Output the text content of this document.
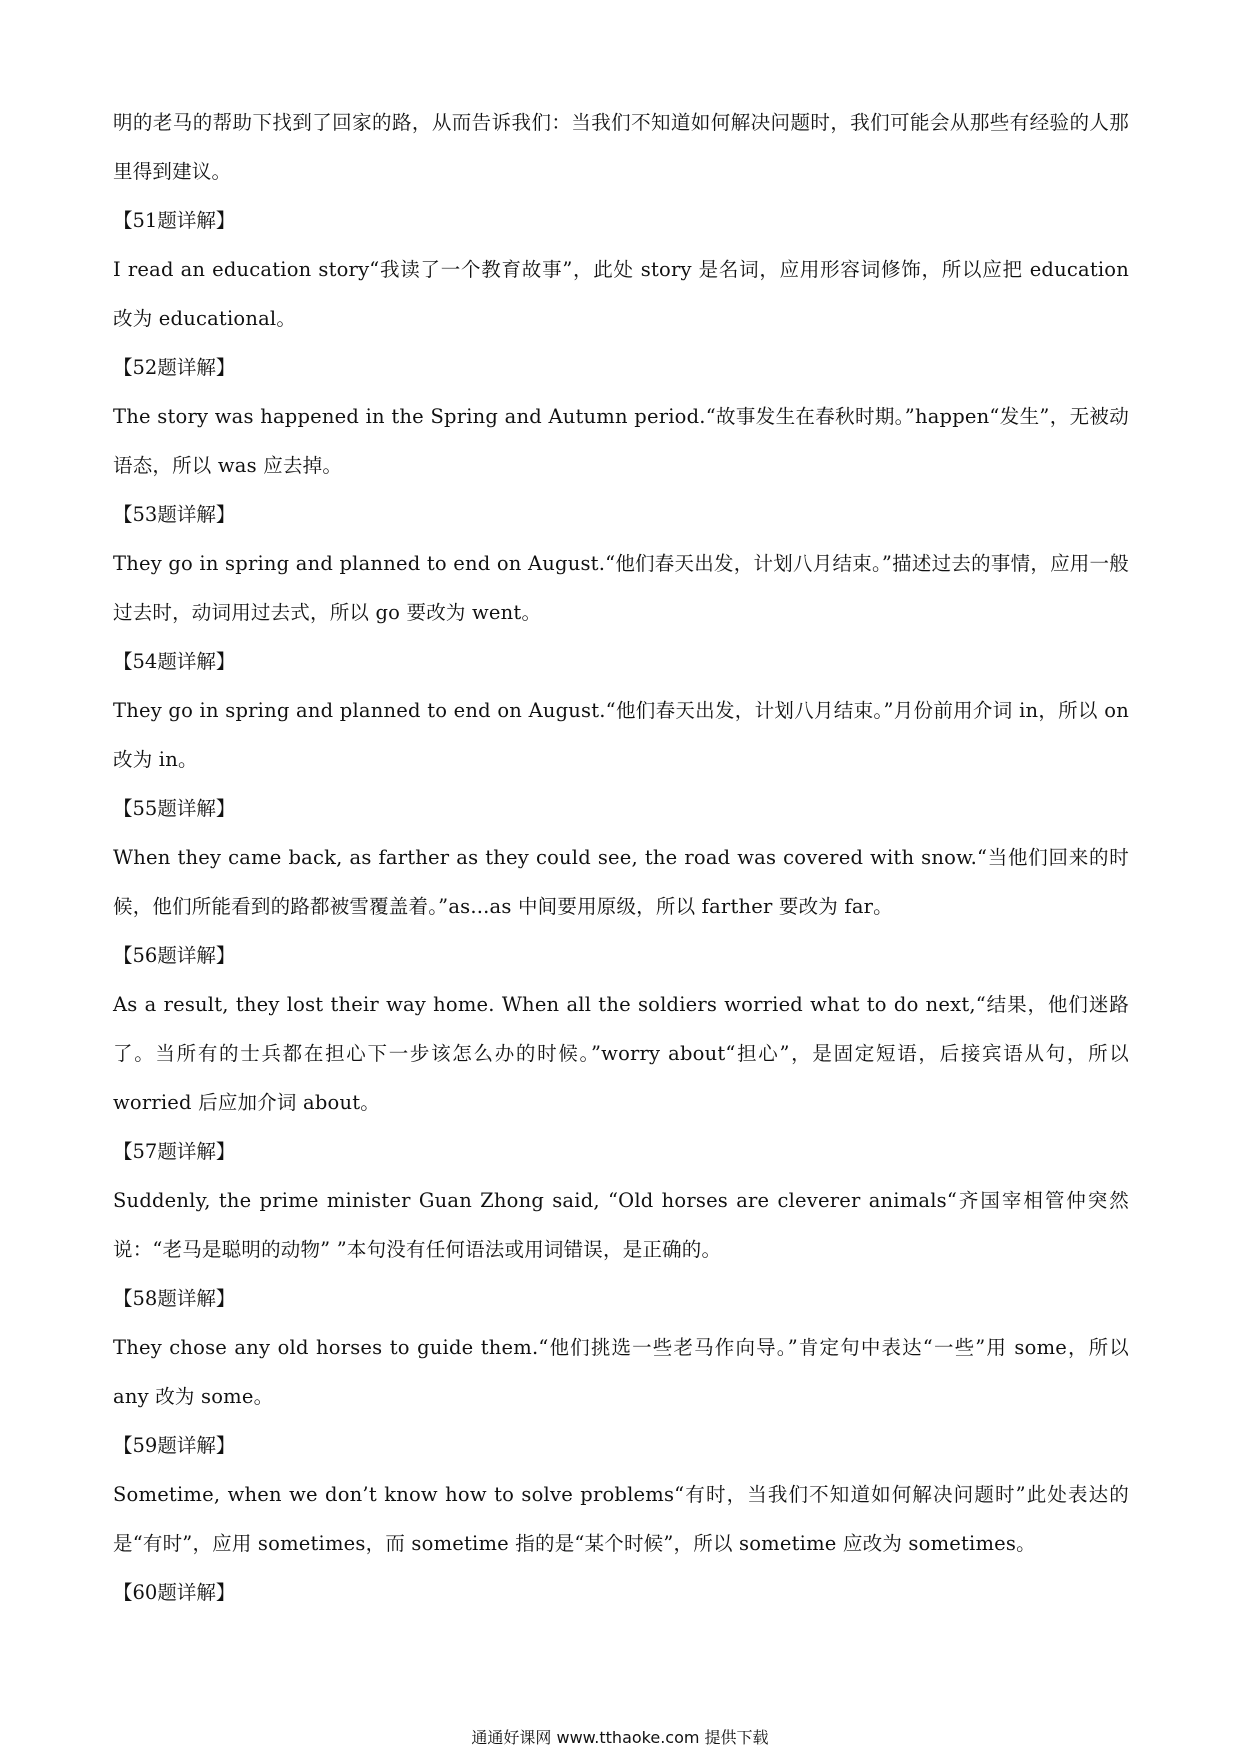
明的老马的帮助下找到了回家的路，从而告诉我们：当我们不知道如何解决问题时，我们可能会从那些有经验的人那里得到建议。

【51题详解】

I read an education story“我读了一个教育故事”，此处 story 是名词，应用形容词修饰，所以应把 education 改为 educational。

【52题详解】

The story was happened in the Spring and Autumn period.“故事发生在春秋时期。”happen“发生”，无被动语态，所以 was 应去掉。

【53题详解】

They go in spring and planned to end on August.“他们春天出发，计划八月结束。”描述过去的事情，应用一般过去时，动词用过去式，所以 go 要改为 went。

【54题详解】

They go in spring and planned to end on August.“他们春天出发，计划八月结束。”月份前用介词 in，所以 on 改为 in。

【55题详解】

When they came back, as farther as they could see, the road was covered with snow.“当他们回来的时候，他们所能看到的路都被雪覆盖着。”as...as 中间要用原级，所以 farther 要改为 far。

【56题详解】

As a result, they lost their way home. When all the soldiers worried what to do next,“结果，他们迷路了。当所有的士兵都在担心下一步该怎么办的时候。”worry about“担心”，是固定短语，后接宾语从句，所以 worried 后应加介词 about。

【57题详解】

Suddenly, the prime minister Guan Zhong said, “Old horses are cleverer animals“齐国宰相管仲突然说：“老马是聪明的动物” ”本句没有任何语法或用词错误，是正确的。

【58题详解】

They chose any old horses to guide them.“他们挑选一些老马作向导。”肯定句中表达“一些”用 some，所以 any 改为 some。

【59题详解】

Sometime, when we don’t know how to solve problems“有时，当我们不知道如何解决问题时”此处表达的是“有时”，应用 sometimes，而 sometime 指的是“某个时候”，所以 sometime 应改为 sometimes。

【60题详解】

通通好课网 www.tthaoke.com 提供下载
